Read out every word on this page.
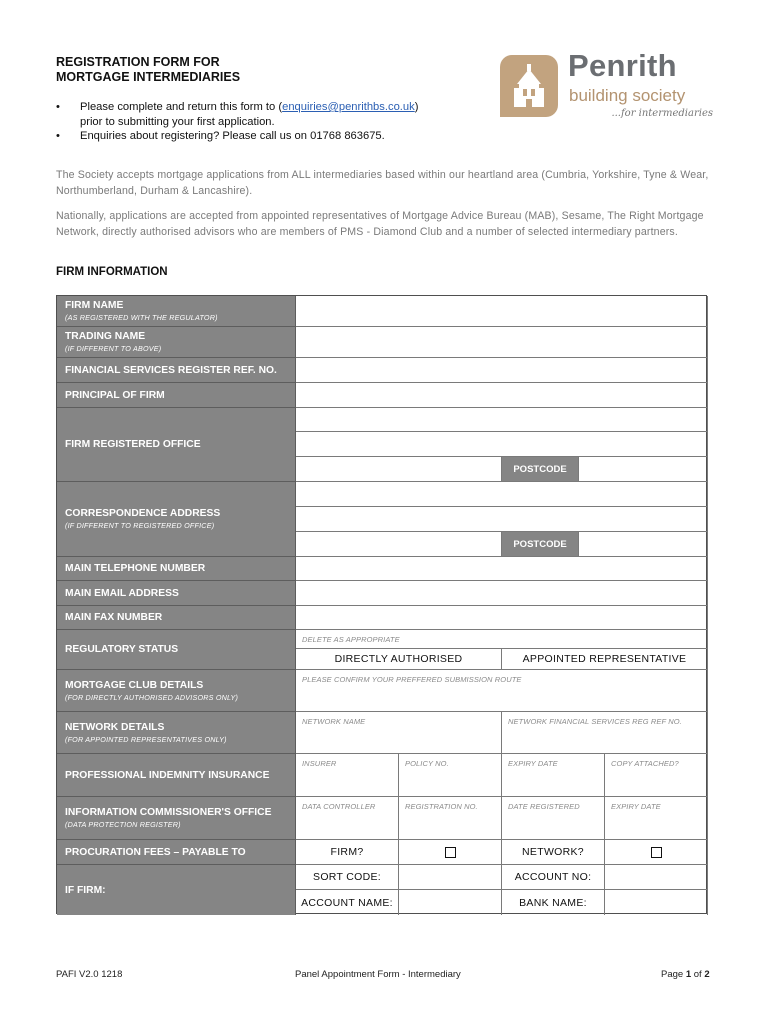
REGISTRATION FORM FOR
MORTGAGE INTERMEDIARIES
• Please complete and return this form to (enquiries@penrithbs.co.uk)
prior to submitting your first application.
• Enquiries about registering? Please call us on 01768 863675.
Penrith
building society
...for intermediaries
The Society accepts mortgage applications from ALL intermediaries based within our heartland area (Cumbria, Yorkshire, Tyne & Wear, Northumberland, Durham & Lancashire).
Nationally, applications are accepted from appointed representatives of Mortgage Advice Bureau (MAB), Sesame, The Right Mortgage Network, directly authorised advisors who are members of PMS - Diamond Club and a number of selected intermediary partners.
FIRM INFORMATION
FIRM NAME
(AS REGISTERED WITH THE REGULATOR)
TRADING NAME
(IF DIFFERENT TO ABOVE)
FINANCIAL SERVICES REGISTER REF. NO.
PRINCIPAL OF FIRM
FIRM REGISTERED OFFICE
POSTCODE
CORRESPONDENCE ADDRESS
(IF DIFFERENT TO REGISTERED OFFICE)
POSTCODE
MAIN TELEPHONE NUMBER
MAIN EMAIL ADDRESS
MAIN FAX NUMBER
REGULATORY STATUS
DELETE AS APPROPRIATE
DIRECTLY AUTHORISED	APPOINTED REPRESENTATIVE
MORTGAGE CLUB DETAILS
(FOR DIRECTLY AUTHORISED ADVISORS ONLY)
PLEASE CONFIRM YOUR PREFFERED SUBMISSION ROUTE
NETWORK DETAILS
(FOR APPOINTED REPRESENTATIVES ONLY)
NETWORK NAME	NETWORK FINANCIAL SERVICES REG REF NO.
PROFESSIONAL INDEMNITY INSURANCE
INSURER	POLICY NO.	EXPIRY DATE	COPY ATTACHED?
INFORMATION COMMISSIONER'S OFFICE
(DATA PROTECTION REGISTER)
DATA CONTROLLER	REGISTRATION NO.	DATE REGISTERED	EXPIRY DATE
PROCURATION FEES – PAYABLE TO	FIRM?	NETWORK?
IF FIRM:
SORT CODE:	ACCOUNT NO:
ACCOUNT NAME:	BANK NAME:
PAFI V2.0 1218	Panel Appointment Form - Intermediary	Page 1 of 2
